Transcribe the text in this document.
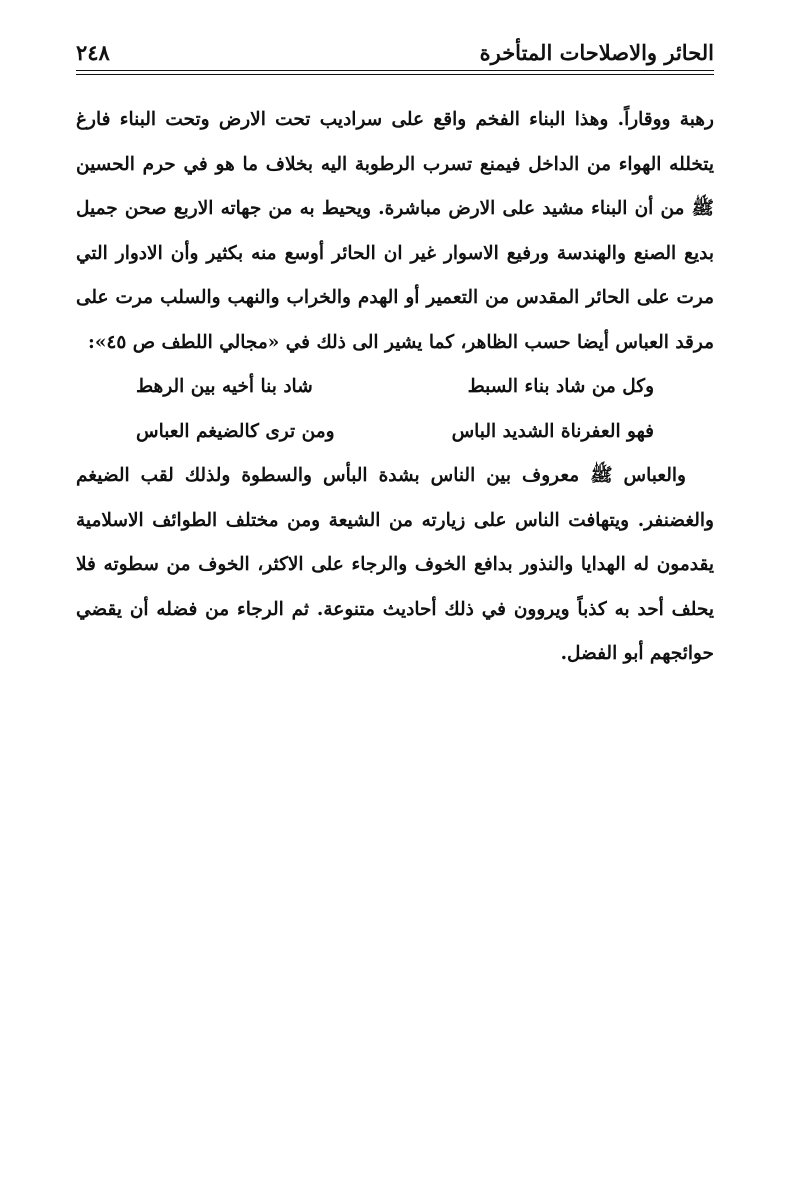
الحائر والاصلاحات المتأخرة
٢٤٨

رهبة ووقاراً. وهذا البناء الفخم واقع على سراديب تحت الارض وتحت البناء فارغ يتخلله الهواء من الداخل فيمنع تسرب الرطوبة اليه بخلاف ما هو في حرم الحسين ﷺ من أن البناء مشيد على الارض مباشرة. ويحيط به من جهاته الاربع صحن جميل بديع الصنع والهندسة ورفيع الاسوار غير ان الحائر أوسع منه بكثير وأن الادوار التي مرت على الحائر المقدس من التعمير أو الهدم والخراب والنهب والسلب مرت على مرقد العباس أيضا حسب الظاهر، كما يشير الى ذلك في «مجالي اللطف ص ٤٥»:

وكل من شاد بناء السبط
شاد بنا أخيه بين الرهط
فهو العفرناة الشديد الباس
ومن ترى كالضيغم العباس

والعباس ﷺ معروف بين الناس بشدة البأس والسطوة ولذلك لقب الضيغم والغضنفر. ويتهافت الناس على زيارته من الشيعة ومن مختلف الطوائف الاسلامية يقدمون له الهدايا والنذور بدافع الخوف والرجاء على الاكثر، الخوف من سطوته فلا يحلف أحد به كذباً ويروون في ذلك أحاديث متنوعة. ثم الرجاء من فضله أن يقضي حوائجهم أبو الفضل.
